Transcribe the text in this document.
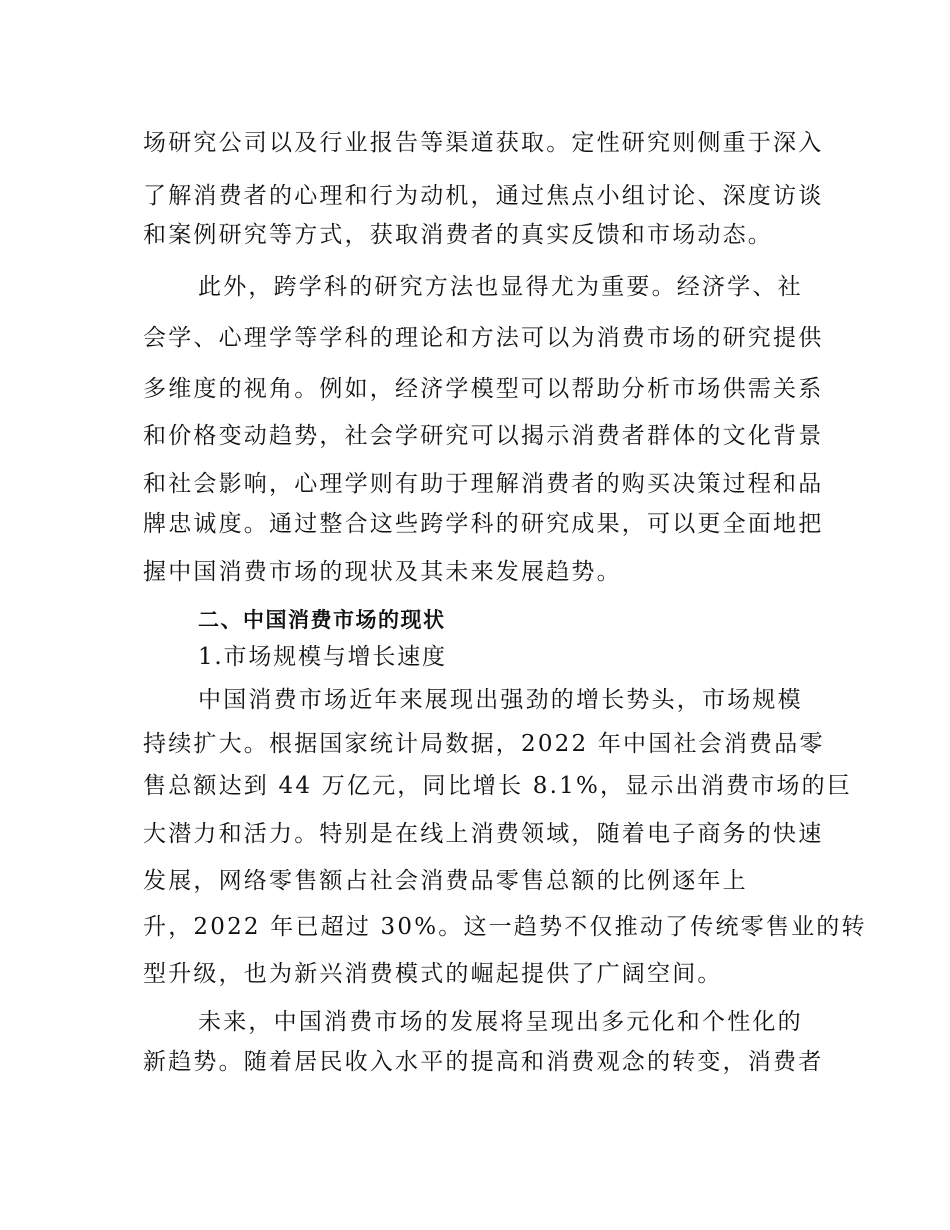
场研究公司以及行业报告等渠道获取。定性研究则侧重于深入
了解消费者的心理和行为动机，通过焦点小组讨论、深度访谈
和案例研究等方式，获取消费者的真实反馈和市场动态。
此外，跨学科的研究方法也显得尤为重要。经济学、社
会学、心理学等学科的理论和方法可以为消费市场的研究提供
多维度的视角。例如，经济学模型可以帮助分析市场供需关系
和价格变动趋势，社会学研究可以揭示消费者群体的文化背景
和社会影响，心理学则有助于理解消费者的购买决策过程和品
牌忠诚度。通过整合这些跨学科的研究成果，可以更全面地把
握中国消费市场的现状及其未来发展趋势。
二、中国消费市场的现状
1.市场规模与增长速度
中国消费市场近年来展现出强劲的增长势头，市场规模
持续扩大。根据国家统计局数据，2022 年中国社会消费品零
售总额达到 44 万亿元，同比增长 8.1%，显示出消费市场的巨
大潜力和活力。特别是在线上消费领域，随着电子商务的快速
发展，网络零售额占社会消费品零售总额的比例逐年上
升，2022 年已超过 30%。这一趋势不仅推动了传统零售业的转
型升级，也为新兴消费模式的崛起提供了广阔空间。
未来，中国消费市场的发展将呈现出多元化和个性化的
新趋势。随着居民收入水平的提高和消费观念的转变，消费者
